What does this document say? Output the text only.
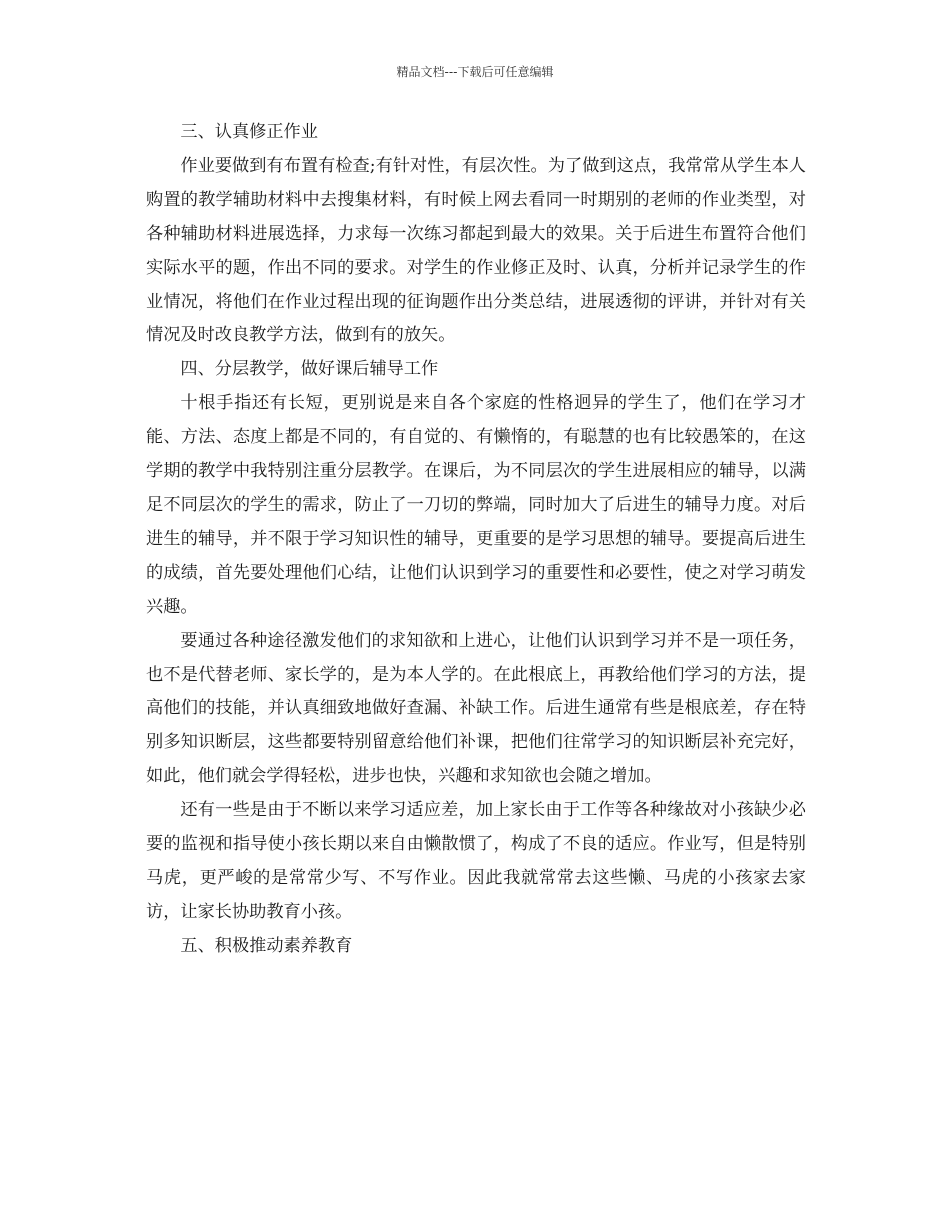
精品文档---下载后可任意编辑

三、认真修正作业

作业要做到有布置有检查;有针对性，有层次性。为了做到这点，我常常从学生本人购置的教学辅助材料中去搜集材料，有时候上网去看同一时期别的老师的作业类型，对各种辅助材料进展选择，力求每一次练习都起到最大的效果。关于后进生布置符合他们实际水平的题，作出不同的要求。对学生的作业修正及时、认真，分析并记录学生的作业情况，将他们在作业过程出现的征询题作出分类总结，进展透彻的评讲，并针对有关情况及时改良教学方法，做到有的放矢。

四、分层教学，做好课后辅导工作

十根手指还有长短，更别说是来自各个家庭的性格迥异的学生了，他们在学习才能、方法、态度上都是不同的，有自觉的、有懒惰的，有聪慧的也有比较愚笨的，在这学期的教学中我特别注重分层教学。在课后，为不同层次的学生进展相应的辅导，以满足不同层次的学生的需求，防止了一刀切的弊端，同时加大了后进生的辅导力度。对后进生的辅导，并不限于学习知识性的辅导，更重要的是学习思想的辅导。要提高后进生的成绩，首先要处理他们心结，让他们认识到学习的重要性和必要性，使之对学习萌发兴趣。

要通过各种途径激发他们的求知欲和上进心，让他们认识到学习并不是一项任务，也不是代替老师、家长学的，是为本人学的。在此根底上，再教给他们学习的方法，提高他们的技能，并认真细致地做好查漏、补缺工作。后进生通常有些是根底差，存在特别多知识断层，这些都要特别留意给他们补课，把他们往常学习的知识断层补充完好，如此，他们就会学得轻松，进步也快，兴趣和求知欲也会随之增加。

还有一些是由于不断以来学习适应差，加上家长由于工作等各种缘故对小孩缺少必要的监视和指导使小孩长期以来自由懒散惯了，构成了不良的适应。作业写，但是特别马虎，更严峻的是常常少写、不写作业。因此我就常常去这些懒、马虎的小孩家去家访，让家长协助教育小孩。

五、积极推动素养教育
